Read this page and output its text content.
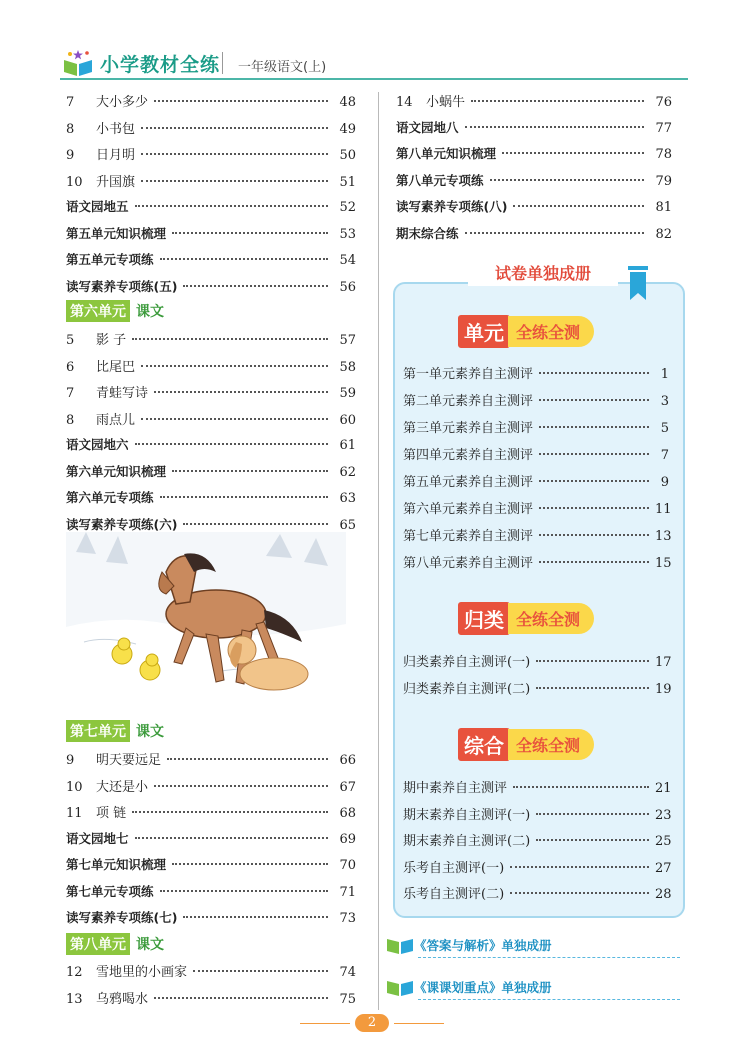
小学教材全练 一年级语文(上)
7	大小多少	48
8	小书包	49
9	日月明	50
10	升国旗	51
语文园地五	52
第五单元知识梳理	53
第五单元专项练	54
读写素养专项练(五)	56
第六单元 课文
5	影 子	57
6	比尾巴	58
7	青蛙写诗	59
8	雨点儿	60
语文园地六	61
第六单元知识梳理	62
第六单元专项练	63
读写素养专项练(六)	65
第七单元 课文
9	明天要远足	66
10	大还是小	67
11	项 链	68
语文园地七	69
第七单元知识梳理	70
第七单元专项练	71
读写素养专项练(七)	73
第八单元 课文
12	雪地里的小画家	74
13	乌鸦喝水	75
14	小蜗牛	76
语文园地八	77
第八单元知识梳理	78
第八单元专项练	79
读写素养专项练(八)	81
期末综合练	82
试卷单独成册
单元 全练全测
第一单元素养自主测评	1
第二单元素养自主测评	3
第三单元素养自主测评	5
第四单元素养自主测评	7
第五单元素养自主测评	9
第六单元素养自主测评	11
第七单元素养自主测评	13
第八单元素养自主测评	15
归类 全练全测
归类素养自主测评(一)	17
归类素养自主测评(二)	19
综合 全练全测
期中素养自主测评	21
期末素养自主测评(一)	23
期末素养自主测评(二)	25
乐考自主测评(一)	27
乐考自主测评(二)	28
《答案与解析》单独成册
《课课划重点》单独成册
2
